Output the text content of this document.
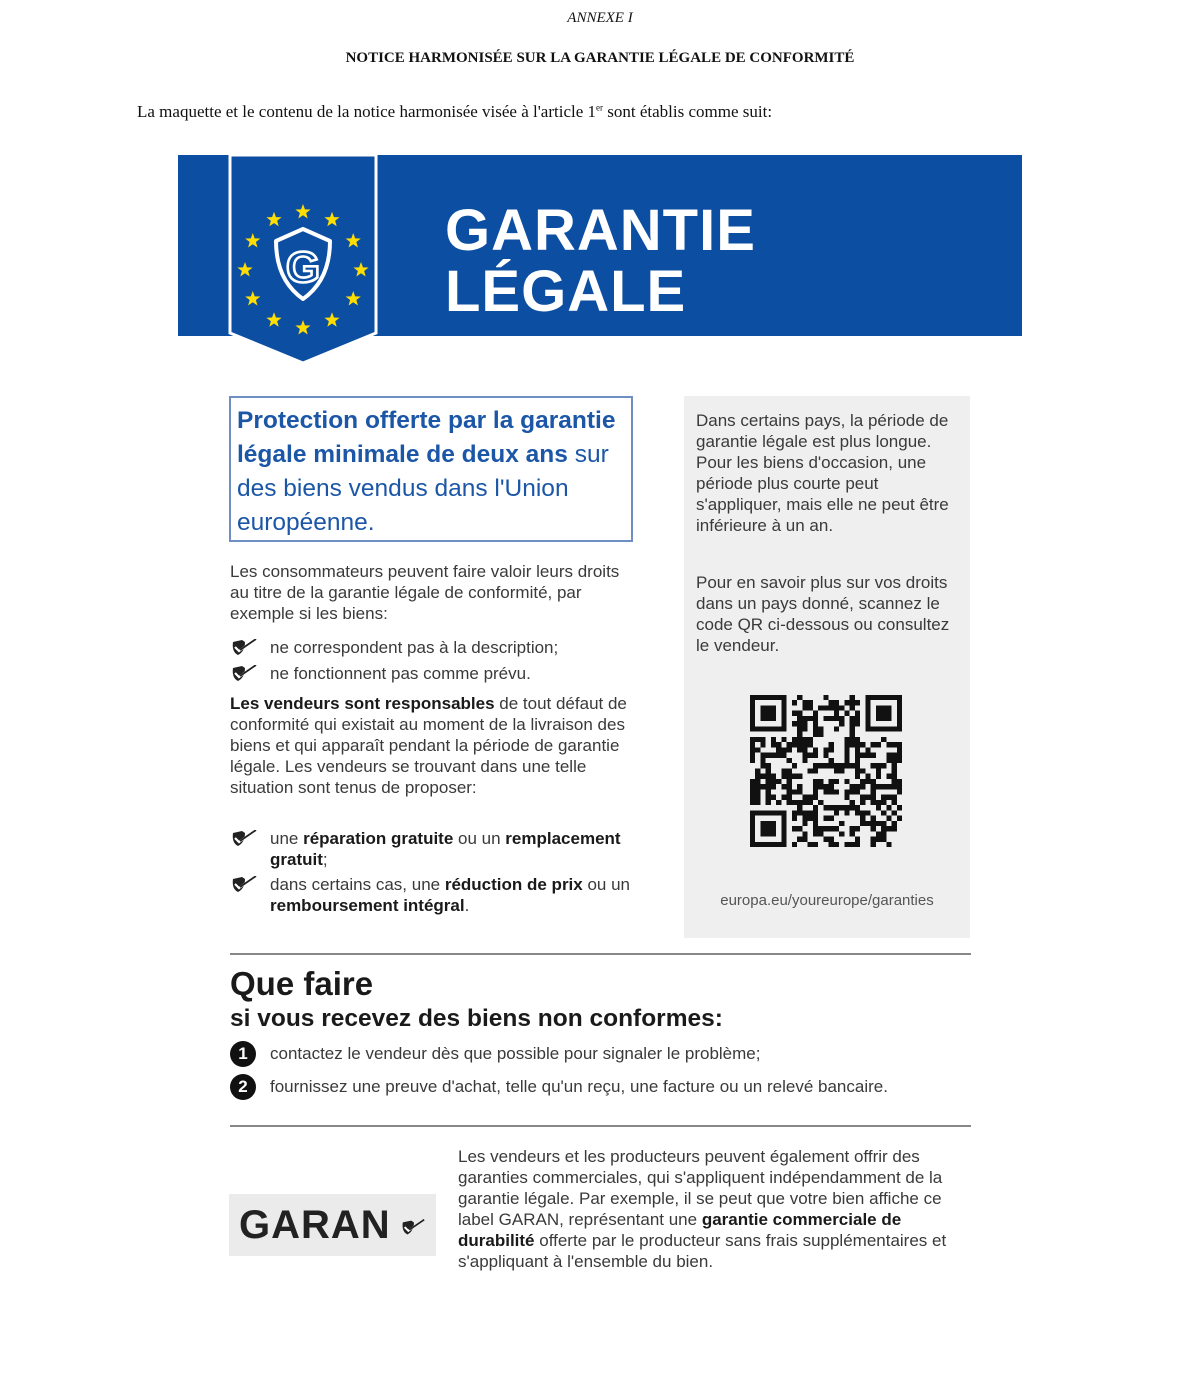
ANNEXE I
NOTICE HARMONISÉE SUR LA GARANTIE LÉGALE DE CONFORMITÉ
La maquette et le contenu de la notice harmonisée visée à l'article 1er sont établis comme suit:
G
GARANTIE
LÉGALE

Protection offerte par la garantie légale minimale de deux ans sur des biens vendus dans l'Union européenne.

Les consommateurs peuvent faire valoir leurs droits au titre de la garantie légale de conformité, par exemple si les biens:
ne correspondent pas à la description;
ne fonctionnent pas comme prévu.
Les vendeurs sont responsables de tout défaut de conformité qui existait au moment de la livraison des biens et qui apparaît pendant la période de garantie légale. Les vendeurs se trouvant dans une telle situation sont tenus de proposer:
une réparation gratuite ou un remplacement gratuit;
dans certains cas, une réduction de prix ou un remboursement intégral.
Dans certains pays, la période de garantie légale est plus longue. Pour les biens d'occasion, une période plus courte peut s'appliquer, mais elle ne peut être inférieure à un an.
Pour en savoir plus sur vos droits dans un pays donné, scannez le code QR ci-dessous ou consultez le vendeur.
europa.eu/youreurope/garanties
Que faire
si vous recevez des biens non conformes:
1	contactez le vendeur dès que possible pour signaler le problème;
2	fournissez une preuve d'achat, telle qu'un reçu, une facture ou un relevé bancaire.
GARAN
Les vendeurs et les producteurs peuvent également offrir des garanties commerciales, qui s'appliquent indépendamment de la garantie légale. Par exemple, il se peut que votre bien affiche ce label GARAN, représentant une garantie commerciale de durabilité offerte par le producteur sans frais supplémentaires et s'appliquant à l'ensemble du bien.
